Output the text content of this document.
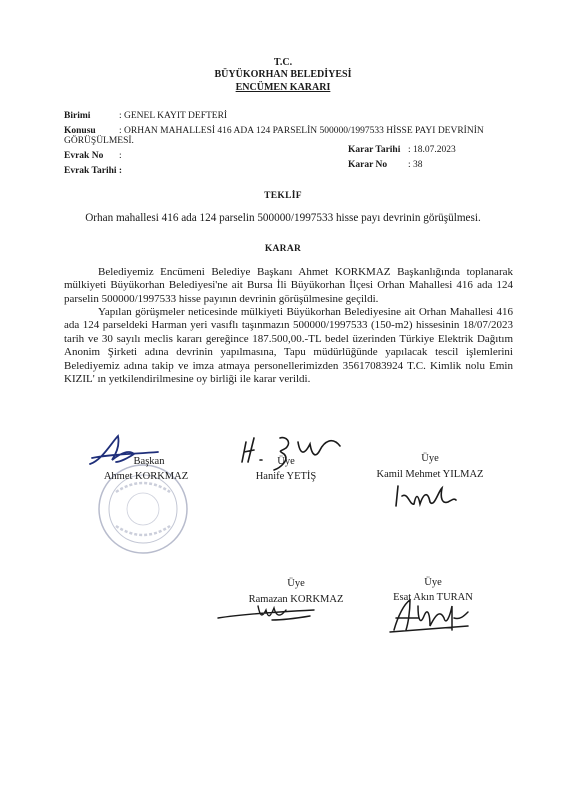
T.C.
BÜYÜKORHAN BELEDİYESİ
ENCÜMEN KARARI
Birimi	: GENEL KAYIT DEFTERİ
Konusu : ORHAN MAHALLESİ 416 ADA 124 PARSELİN 500000/1997533 HİSSE PAYI DEVRİNİN
GÖRÜŞÜLMESİ.
Evrak No :
Evrak Tarihi :
Karar Tarihi : 18.07.2023
Karar No : 38
TEKLİF
Orhan mahallesi 416 ada 124 parselin 500000/1997533 hisse payı devrinin görüşülmesi.
KARAR
Belediyemiz Encümeni Belediye Başkanı Ahmet KORKMAZ Başkanlığında toplanarak mülkiyeti Büyükorhan Belediyesi'ne ait Bursa İli Büyükorhan İlçesi Orhan Mahallesi 416 ada 124 parselin 500000/1997533 hisse payının devrinin görüşülmesine geçildi.
Yapılan görüşmeler neticesinde mülkiyeti Büyükorhan Belediyesine ait Orhan Mahallesi 416 ada 124 parseldeki Harman yeri vasıflı taşınmazın 500000/1997533 (150-m2) hissesinin 18/07/2023 tarih ve 30 sayılı meclis kararı gereğince 187.500,00.-TL bedel üzerinden Türkiye Elektrik Dağıtım Anonim Şirketi adına devrinin yapılmasına, Tapu müdürlüğünde yapılacak tescil işlemlerini Belediyemiz adına takip ve imza atmaya personellerimizden 35617083924 T.C. Kimlik nolu Emin KIZIL' ın yetkilendirilmesine oy birliği ile karar verildi.
Başkan
Ahmet KORKMAZ
Üye
Hanife YETİŞ
Üye
Kamil Mehmet YILMAZ
Üye
Ramazan KORKMAZ
Üye
Esat Akın TURAN
